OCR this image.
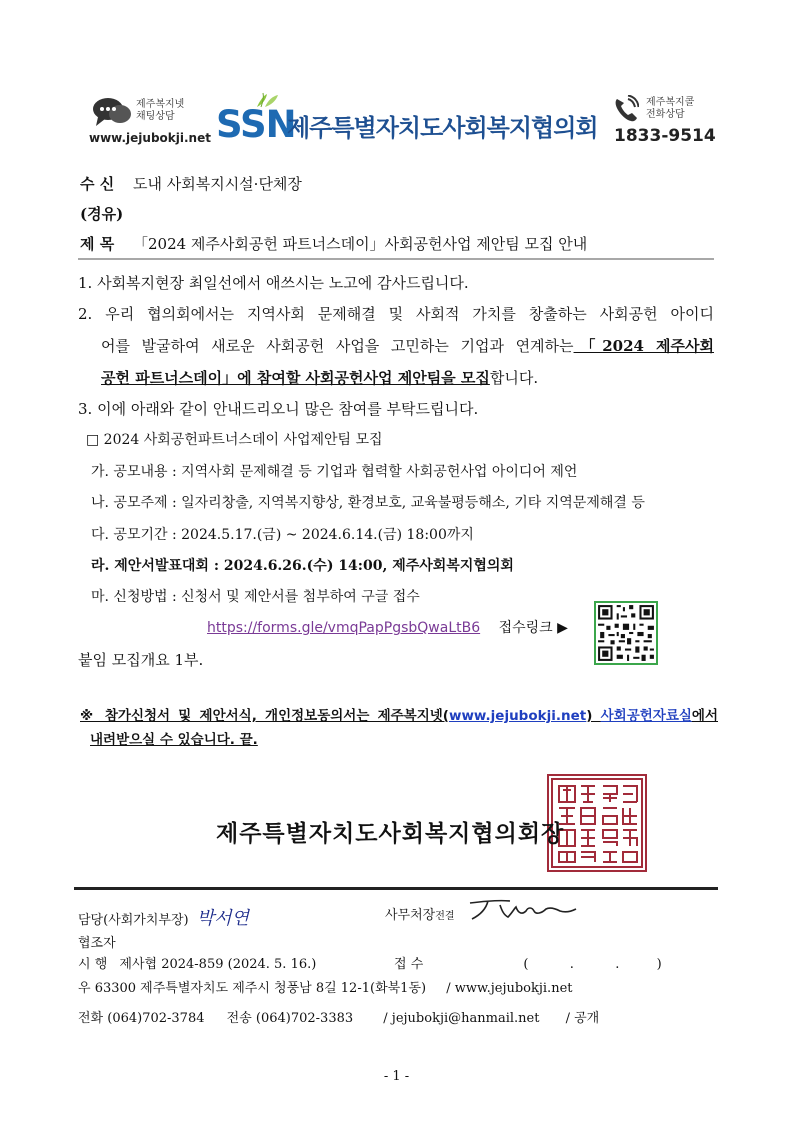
제주복지넷
채팅상담
www.jejubokji.net SSN
제주특별자치도사회복지협의회
제주복지콜
전화상담
1833-9514
수 신 도내 사회복지시설·단체장
(경유)
제 목 「2024 제주사회공헌 파트너스데이」사회공헌사업 제안팀 모집 안내
1. 사회복지현장 최일선에서 애쓰시는 노고에 감사드립니다.
2. 우리 협의회에서는 지역사회 문제해결 및 사회적 가치를 창출하는 사회공헌 아이디
어를 발굴하여 새로운 사회공헌 사업을 고민하는 기업과 연계하는「2024 제주사회
공헌 파트너스데이」에 참여할 사회공헌사업 제안팀을 모집합니다.
3. 이에 아래와 같이 안내드리오니 많은 참여를 부탁드립니다.
□ 2024 사회공헌파트너스데이 사업제안팀 모집
가. 공모내용 : 지역사회 문제해결 등 기업과 협력할 사회공헌사업 아이디어 제언
나. 공모주제 : 일자리창출, 지역복지향상, 환경보호, 교육불평등해소, 기타 지역문제해결 등
다. 공모기간 : 2024.5.17.(금) ~ 2024.6.14.(금) 18:00까지
라. 제안서발표대회 : 2024.6.26.(수) 14:00, 제주사회복지협의회
마. 신청방법 : 신청서 및 제안서를 첨부하여 구글 접수
https://forms.gle/vmqPapPgsbQwaLtB6 접수링크 ▶
붙임 모집개요 1부.
※ 참가신청서 및 제안서식, 개인정보동의서는 제주복지넷(www.jejubokji.net) 사회공헌자료실에서
내려받으실 수 있습니다. 끝.
제주특별자치도사회복지협의회장
담당(사회가치부장) 박서연	사무처장전결
협조자
시 행 제사협 2024-859 (2024. 5. 16.)	접 수	(          .          .         )
우 63300 제주특별자치도 제주시 청풍남 8길 12-1(화북1동) / www.jejubokji.net
전화 (064)702-3784 전송 (064)702-3383 / jejubokji@hanmail.net / 공개
- 1 -
